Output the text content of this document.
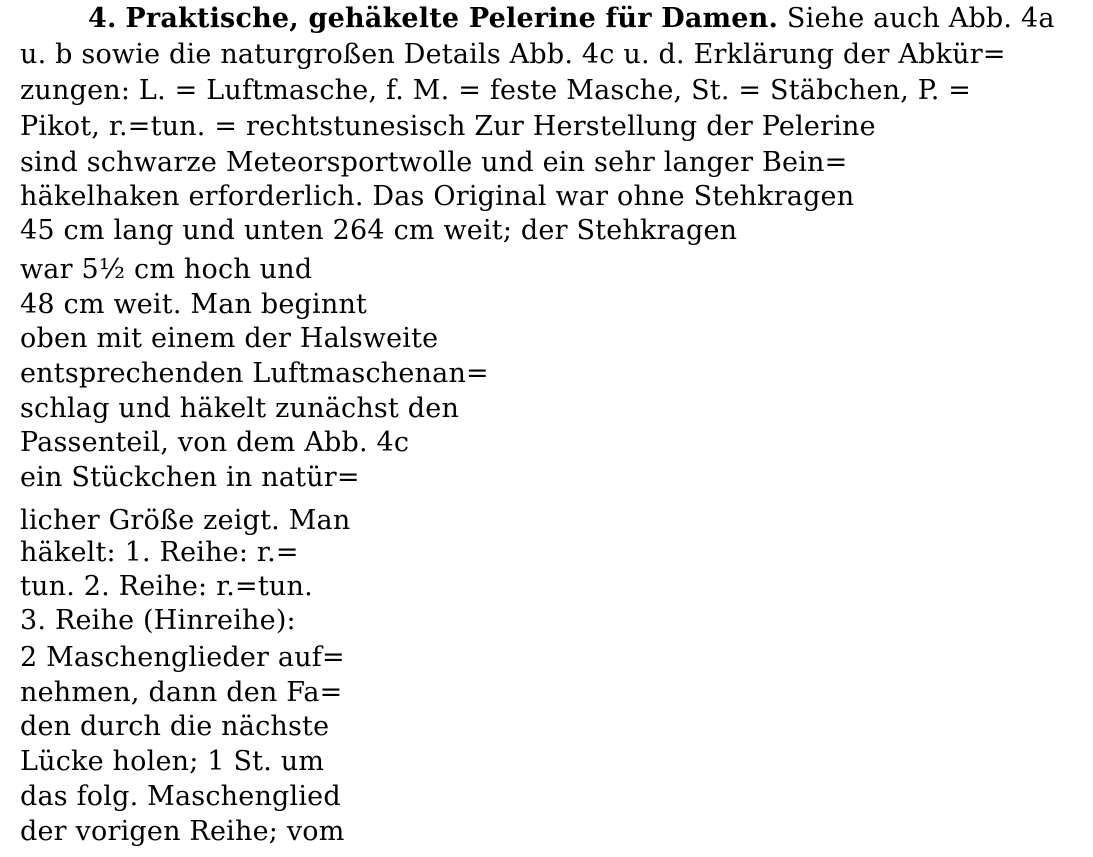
4. Praktische, gehäkelte Pelerine für Damen. Siehe auch Abb. 4a
u. b sowie die naturgroßen Details Abb. 4c u. d. Erklärung der Abkür=
zungen: L. = Luftmasche, f. M. = feste Masche, St. = Stäbchen, P. =
Pikot, r.=tun. = rechtstunesisch Zur Herstellung der Pelerine
sind schwarze Meteorsportwolle und ein sehr langer Bein=
häkelhaken erforderlich. Das Original war ohne Stehkragen
45 cm lang und unten 264 cm weit; der Stehkragen
war 5½ cm hoch und
48 cm weit. Man beginnt
oben mit einem der Halsweite
entsprechenden Luftmaschenan=
schlag und häkelt zunächst den
Passenteil, von dem Abb. 4c
ein Stückchen in natür=
licher Größe zeigt. Man
häkelt: 1. Reihe: r.=
tun. 2. Reihe: r.=tun.
3. Reihe (Hinreihe):
2 Maschenglieder auf=
nehmen, dann den Fa=
den durch die nächste
Lücke holen; 1 St. um
das folg. Maschenglied
der vorigen Reihe; vom
